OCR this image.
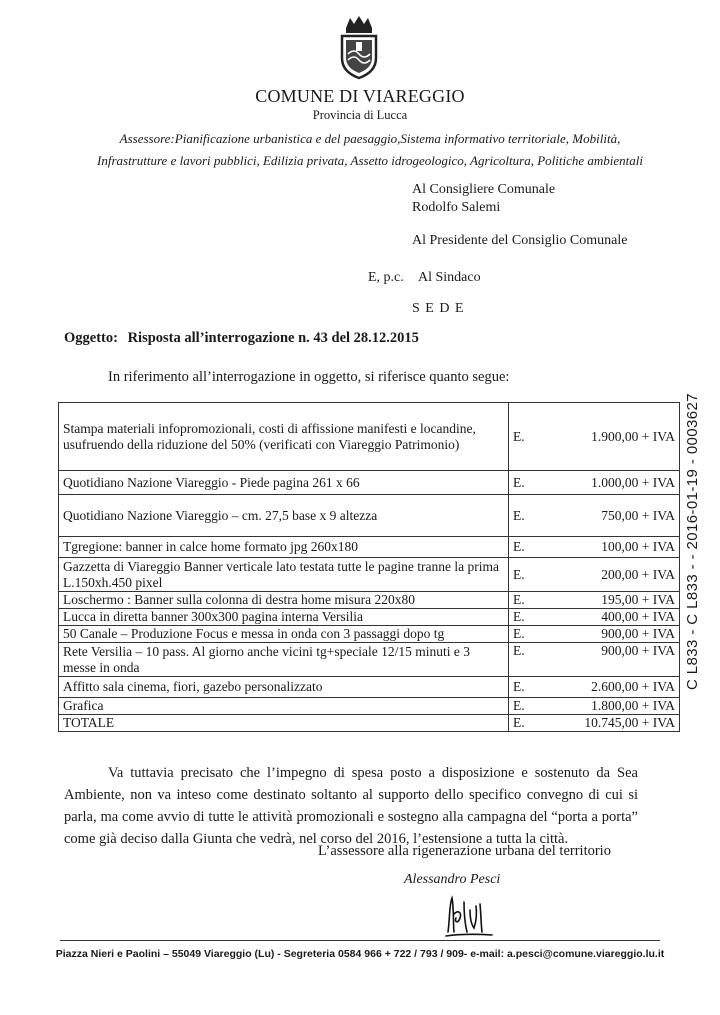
COMUNE DI VIAREGGIO
Provincia di Lucca
Assessore:Pianificazione urbanistica e del paesaggio,Sistema informativo territoriale, Mobilità,
Infrastrutture e lavori pubblici, Edilizia privata, Assetto idrogeologico, Agricoltura, Politiche ambientali
Al Consigliere Comunale
Rodolfo Salemi
Al Presidente del Consiglio Comunale
E, p.c. Al Sindaco
S E D E
Oggetto: Risposta all’interrogazione n. 43 del 28.12.2015
In riferimento all’interrogazione in oggetto, si riferisce quanto segue:
Stampa materiali infopromozionali, costi di affissione manifesti e locandine, usufruendo della riduzione del 50% (verificati con Viareggio Patrimonio)	E. 1.900,00 + IVA

Quotidiano Nazione Viareggio - Piede pagina 261 x 66	E. 1.000,00 + IVA

Quotidiano Nazione Viareggio – cm. 27,5 base x 9 altezza	E. 750,00 + IVA

Tgregione: banner in calce home formato jpg 260x180	E. 100,00 + IVA

Gazzetta di Viareggio Banner verticale lato testata tutte le pagine tranne la prima L.150xh.450 pixel	E. 200,00 + IVA

Loschermo : Banner sulla colonna di destra home misura 220x80	E. 195,00 + IVA

Lucca in diretta banner 300x300 pagina interna Versilia	E. 400,00 + IVA

50 Canale – Produzione Focus e messa in onda con 3 passaggi dopo tg	E. 900,00 + IVA

Rete Versilia – 10 pass. Al giorno anche vicini tg+speciale 12/15 minuti e 3 messe in onda	E. 900,00 + IVA

Affitto sala cinema, fiori, gazebo personalizzato	E. 2.600,00 + IVA

Grafica	E. 1.800,00 + IVA

TOTALE	E. 10.745,00 + IVA
Va tuttavia precisato che l’impegno di spesa posto a disposizione e sostenuto da Sea Ambiente, non va inteso come destinato soltanto al supporto dello specifico convegno di cui si parla, ma come avvio di tutte le attività promozionali e sostegno alla campagna del “porta a porta” come già deciso dalla Giunta che vedrà, nel corso del 2016, l’estensione a tutta la città.
L’assessore alla rigenerazione urbana del territorio
Alessandro Pesci
Piazza Nieri e Paolini – 55049 Viareggio (Lu) - Segreteria 0584 966 + 722 / 793 / 909- e-mail: a.pesci@comune.viareggio.lu.it
C L833 - C L833 - - 2016-01-19 - 0003627
